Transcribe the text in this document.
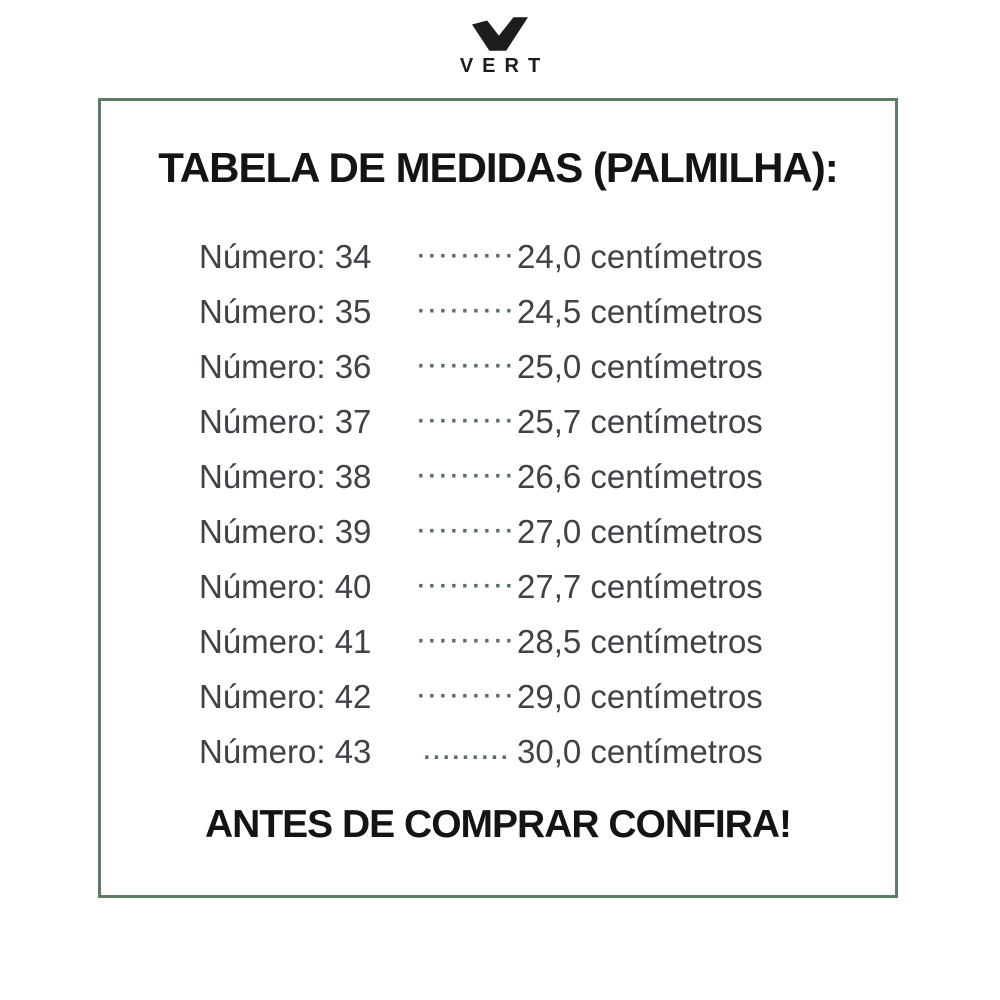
VERT
TABELA DE MEDIDAS (PALMILHA):
Número: 34	········· 24,0 centímetros
Número: 35	········· 24,5 centímetros
Número: 36	········· 25,0 centímetros
Número: 37	········· 25,7 centímetros
Número: 38	········· 26,6 centímetros
Número: 39	········· 27,0 centímetros
Número: 40	········· 27,7 centímetros
Número: 41	········· 28,5 centímetros
Número: 42	········· 29,0 centímetros
Número: 43	......... 30,0 centímetros
ANTES DE COMPRAR CONFIRA!
